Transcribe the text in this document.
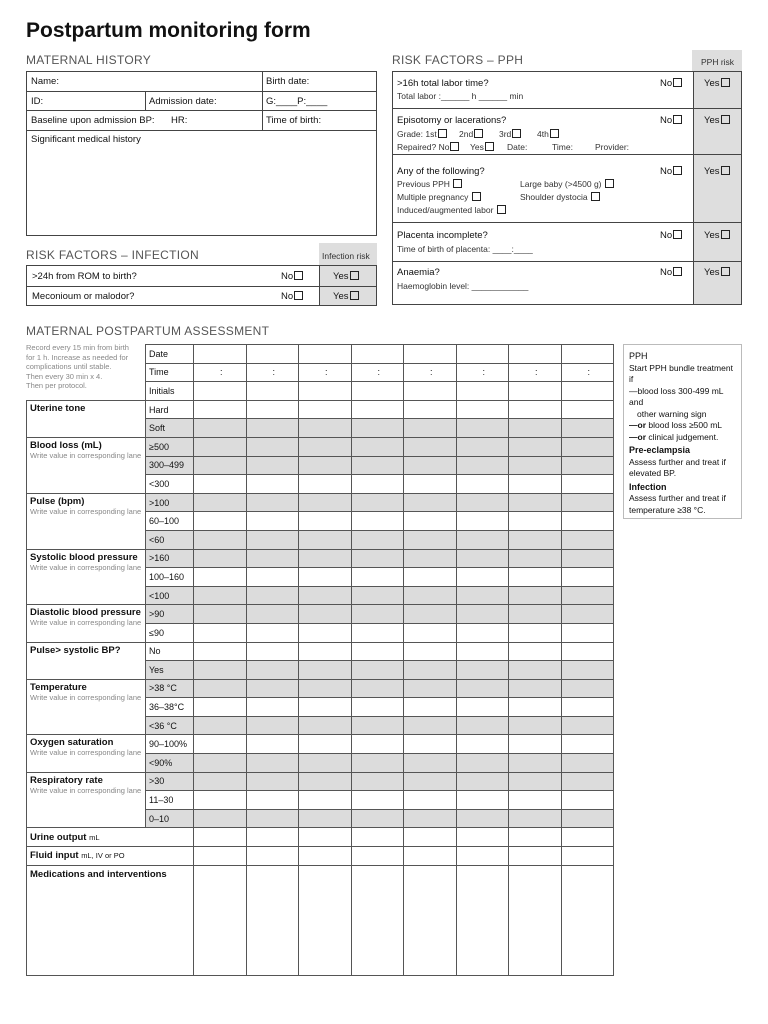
Postpartum monitoring form
MATERNAL HISTORY
Name:	Birth date:
ID:	Admission date:	G:____P:____
Baseline upon admission BP: HR:	Time of birth:
Significant medical history
RISK FACTORS – INFECTION	Infection risk
>24h from ROM to birth?	No	Yes
Meconioum or malodor?	No	Yes
RISK FACTORS – PPH	PPH risk
>16h total labor time?
Total labor :______ h ______ min
No	Yes
Episotomy or lacerations?
Grade: 1st	2nd	3rd	4th
Repaired? No	Yes	Date:	Time:	Provider:
No	Yes
Any of the following?
Previous PPH	Large baby (>4500 g)
Multiple pregnancy	Shoulder dystocia
Induced/augmented labor
No	Yes
Placenta incomplete?
Time of birth of placenta: ____:____
No	Yes
Anaemia?
Haemoglobin level: ____________
No	Yes
MATERNAL POSTPARTUM ASSESSMENT
Record every 15 min from birth
for 1 h. Increase as needed for
complications until stable.
Then every 30 min x 4.
Then per protocol.
	Date								
	Time	:	:	:	:	:	:	:	:
	Initials								

Uterine tone	Hard								
	Soft								

Blood loss (mL)
Write value in corresponding lane	≥500								
	300–499								
	<300								

Pulse (bpm)
Write value in corresponding lane	>100								
	60–100								
	<60								

Systolic blood pressure
Write value in corresponding lane	>160								
	100–160								
	<100								

Diastolic blood pressure
Write value in corresponding lane	>90								
	≤90								

Pulse> systolic BP?	No								
	Yes								

Temperature
Write value in corresponding lane	>38 °C								
	36–38°C								
	<36 °C								

Oxygen saturation
Write value in corresponding lane	90–100%								
	<90%								

Respiratory rate
Write value in corresponding lane	>30								
	11–30								
	0–10								
Urine output mL									
Fluid input mL, IV or PO									

Medications and interventions									

PPH
Start PPH bundle treatment if
—blood loss 300-499 mL and
other warning sign
—or blood loss ≥500 mL
—or clinical judgement.
Pre-eclampsia
Assess further and treat if
elevated BP.
Infection
Assess further and treat if
temperature ≥38 °C.
